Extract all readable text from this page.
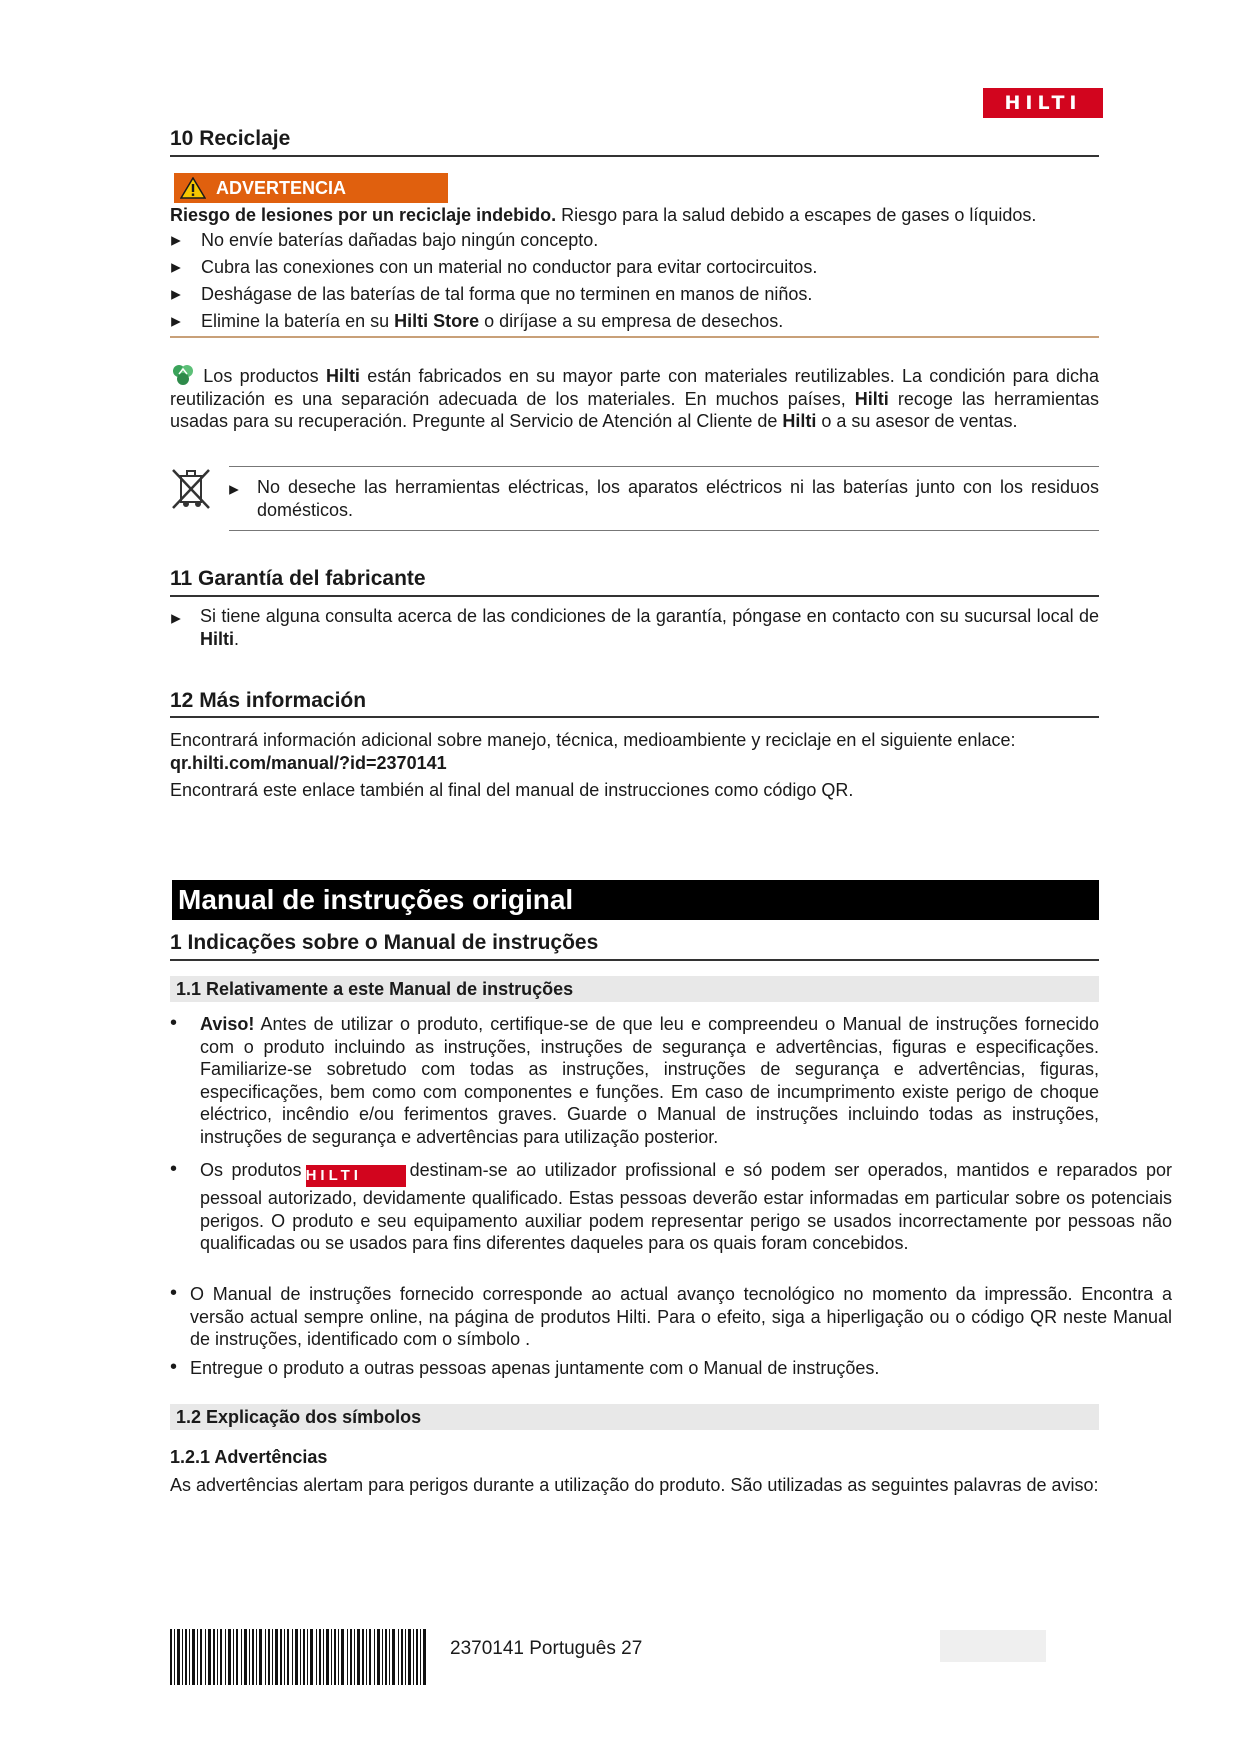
HILTI
10 Reciclaje
ADVERTENCIA
Riesgo de lesiones por un reciclaje indebido. Riesgo para la salud debido a escapes de gases o líquidos.
No envíe baterías dañadas bajo ningún concepto.
Cubra las conexiones con un material no conductor para evitar cortocircuitos.
Deshágase de las baterías de tal forma que no terminen en manos de niños.
Elimine la batería en su Hilti Store o diríjase a su empresa de desechos.
Los productos Hilti están fabricados en su mayor parte con materiales reutilizables. La condición para dicha reutilización es una separación adecuada de los materiales. En muchos países, Hilti recoge las herramientas usadas para su recuperación. Pregunte al Servicio de Atención al Cliente de Hilti o a su asesor de ventas.
No deseche las herramientas eléctricas, los aparatos eléctricos ni las baterías junto con los residuos domésticos.
11 Garantía del fabricante
Si tiene alguna consulta acerca de las condiciones de la garantía, póngase en contacto con su sucursal local de Hilti.
12 Más información
Encontrará información adicional sobre manejo, técnica, medioambiente y reciclaje en el siguiente enlace:
qr.hilti.com/manual/?id=2370141
Encontrará este enlace también al final del manual de instrucciones como código QR.
Manual de instruções original
1 Indicações sobre o Manual de instruções
1.1 Relativamente a este Manual de instruções
• Aviso! Antes de utilizar o produto, certifique-se de que leu e compreendeu o Manual de instruções fornecido com o produto incluindo as instruções, instruções de segurança e advertências, figuras e especificações. Familiarize-se sobretudo com todas as instruções, instruções de segurança e advertências, figuras, especificações, bem como com componentes e funções. Em caso de incumprimento existe perigo de choque eléctrico, incêndio e/ou ferimentos graves. Guarde o Manual de instruções incluindo todas as instruções, instruções de segurança e advertências para utilização posterior.
• Os produtos HILTI	destinam-se ao utilizador profissional e só podem ser operados, mantidos e reparados por pessoal autorizado, devidamente qualificado. Estas pessoas deverão estar informadas em particular sobre os potenciais perigos. O produto e seu equipamento auxiliar podem representar perigo se usados incorrectamente por pessoas não qualificadas ou se usados para fins diferentes daqueles para os quais foram concebidos.
• O Manual de instruções fornecido corresponde ao actual avanço tecnológico no momento da impressão. Encontra a versão actual sempre online, na página de produtos Hilti. Para o efeito, siga a hiperligação ou o código QR neste Manual de instruções, identificado com o símbolo .
• Entregue o produto a outras pessoas apenas juntamente com o Manual de instruções.
1.2 Explicação dos símbolos
1.2.1 Advertências
As advertências alertam para perigos durante a utilização do produto. São utilizadas as seguintes palavras de aviso:
2370141 Português 27
